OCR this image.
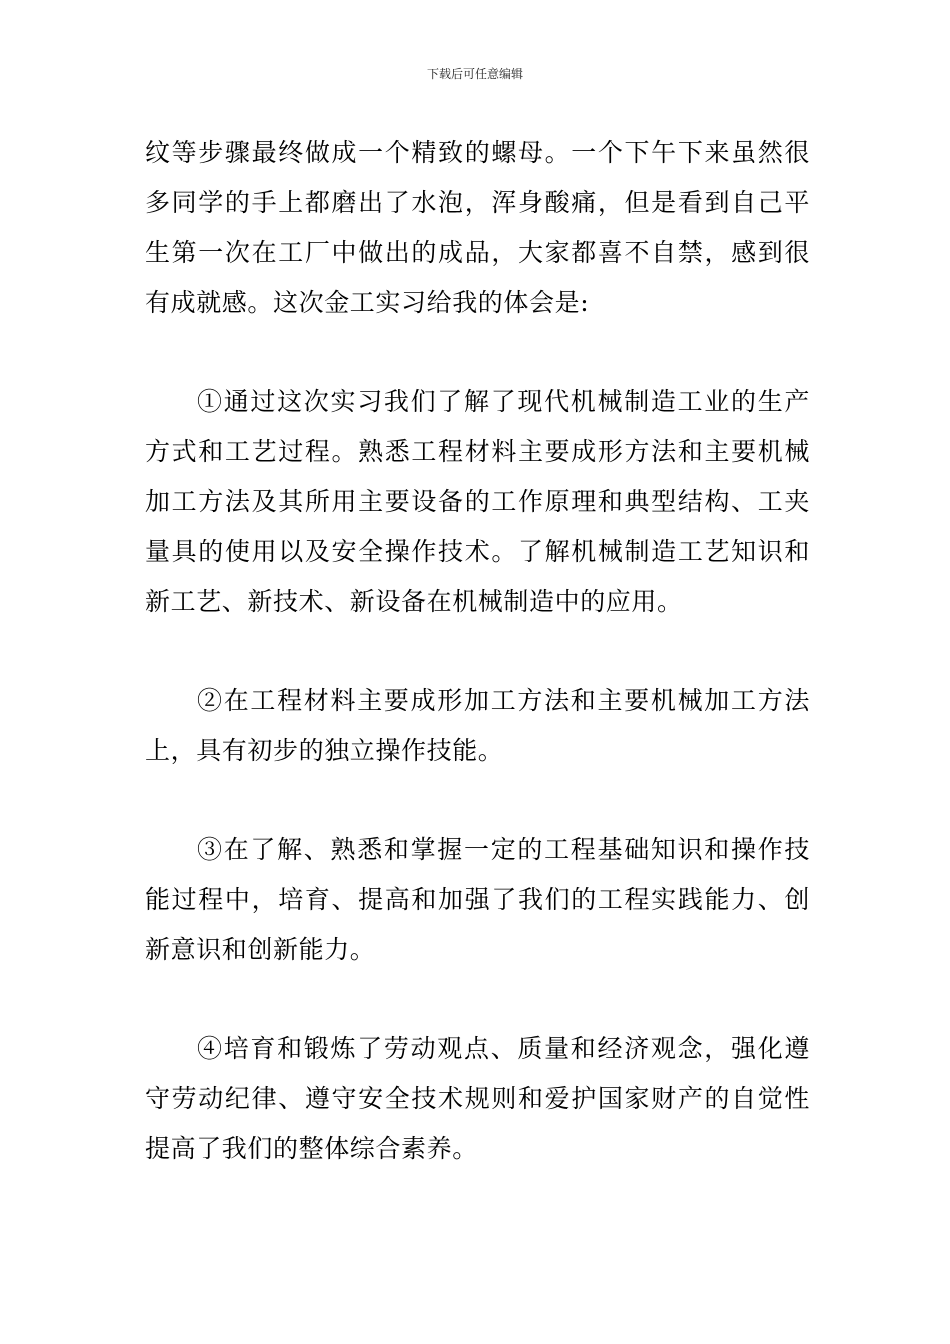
下载后可任意编辑

纹等步骤最终做成一个精致的螺母。一个下午下来虽然很多同学的手上都磨出了水泡，浑身酸痛，但是看到自己平生第一次在工厂中做出的成品，大家都喜不自禁，感到很有成就感。这次金工实习给我的体会是:

①通过这次实习我们了解了现代机械制造工业的生产方式和工艺过程。熟悉工程材料主要成形方法和主要机械加工方法及其所用主要设备的工作原理和典型结构、工夹量具的使用以及安全操作技术。了解机械制造工艺知识和新工艺、新技术、新设备在机械制造中的应用。

②在工程材料主要成形加工方法和主要机械加工方法上，具有初步的独立操作技能。

③在了解、熟悉和掌握一定的工程基础知识和操作技能过程中，培育、提高和加强了我们的工程实践能力、创新意识和创新能力。

④培育和锻炼了劳动观点、质量和经济观念，强化遵守劳动纪律、遵守安全技术规则和爱护国家财产的自觉性提高了我们的整体综合素养。
